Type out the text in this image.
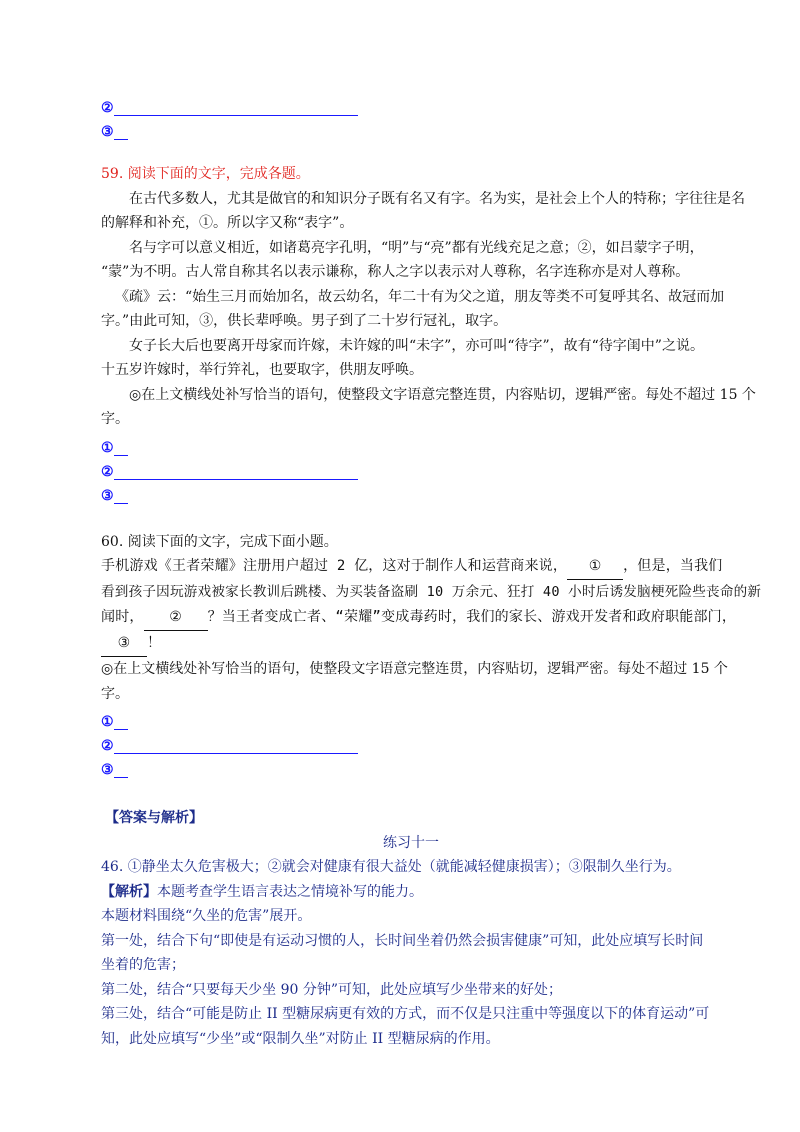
②
③
59. 阅读下面的文字，完成各题。
在古代多数人，尤其是做官的和知识分子既有名又有字。名为实，是社会上个人的特称；字往往是名
的解释和补充，①。所以字又称“表字”。
名与字可以意义相近，如诸葛亮字孔明，“明”与“亮”都有光线充足之意；②，如吕蒙字子明，
“蒙”为不明。古人常自称其名以表示谦称，称人之字以表示对人尊称，名字连称亦是对人尊称。
《疏》云：“始生三月而始加名，故云幼名，年二十有为父之道，朋友等类不可复呼其名、故冠而加
字。”由此可知，③，供长辈呼唤。男子到了二十岁行冠礼，取字。
女子长大后也要离开母家而许嫁，未许嫁的叫“未字”，亦可叫“待字”，故有“待字闺中”之说。
十五岁许嫁时，举行笄礼，也要取字，供朋友呼唤。
◎在上文横线处补写恰当的语句，使整段文字语意完整连贯，内容贴切，逻辑严密。每处不超过 15 个
字。
①
②
③
60. 阅读下面的文字，完成下面小题。
手机游戏《王者荣耀》注册用户超过 2 亿，这对于制作人和运营商来说， ① ，但是，当我们
看到孩子因玩游戏被家长教训后跳楼、为买装备盗刷 10 万余元、狂打 40 小时后诱发脑梗死险些丧命的新
闻时， ② ？当王者变成亡者、“荣耀”变成毒药时，我们的家长、游戏开发者和政府职能部门，
③ ！
◎在上文横线处补写恰当的语句，使整段文字语意完整连贯，内容贴切，逻辑严密。每处不超过 15 个
字。
①
②
③
【答案与解析】
练习十一
46. ①静坐太久危害极大；②就会对健康有很大益处（就能减轻健康损害）；③限制久坐行为。
【解析】本题考查学生语言表达之情境补写的能力。
本题材料围绕“久坐的危害”展开。
第一处，结合下句“即使是有运动习惯的人，长时间坐着仍然会损害健康”可知，此处应填写长时间
坐着的危害；
第二处，结合“只要每天少坐 90 分钟”可知，此处应填写少坐带来的好处；
第三处，结合“可能是防止 II 型糖尿病更有效的方式，而不仅是只注重中等强度以下的体育运动”可
知，此处应填写“少坐”或“限制久坐”对防止 II 型糖尿病的作用。
